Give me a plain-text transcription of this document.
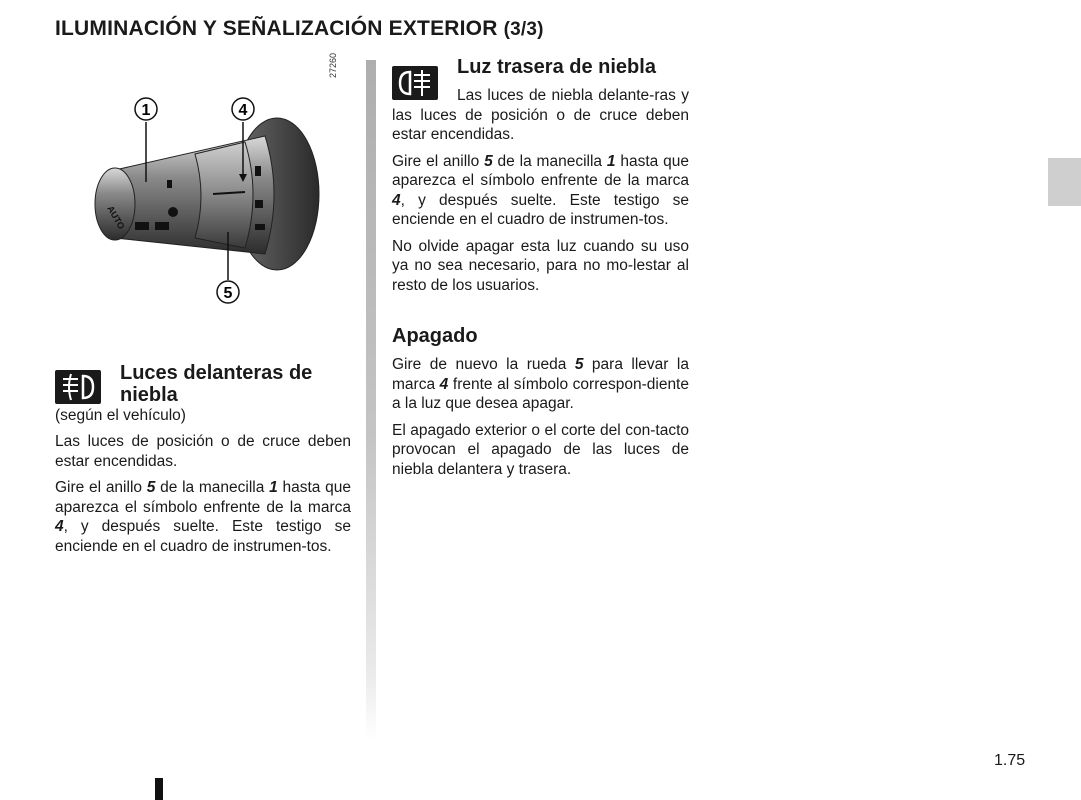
ILUMINACIÓN Y SEÑALIZACIÓN EXTERIOR (3/3)
AUTO
1	4
5
27260
Luces delanteras de niebla

(según el vehículo)

Las luces de posición o de cruce deben estar encendidas.

Gire el anillo 5 de la manecilla 1 hasta que aparezca el símbolo enfrente de la marca 4, y después suelte. Este testigo se enciende en el cuadro de instrumen-tos.

Luz trasera de niebla

Las luces de niebla delante-ras y las luces de posición o de cruce deben estar encendidas.

Gire el anillo 5 de la manecilla 1 hasta que aparezca el símbolo enfrente de la marca 4, y después suelte. Este testigo se enciende en el cuadro de instrumen-tos.

No olvide apagar esta luz cuando su uso ya no sea necesario, para no mo-lestar al resto de los usuarios.

Apagado

Gire de nuevo la rueda 5 para llevar la marca 4 frente al símbolo correspon-diente a la luz que desea apagar.

El apagado exterior o el corte del con-tacto provocan el apagado de las luces de niebla delantera y trasera.

1.75
